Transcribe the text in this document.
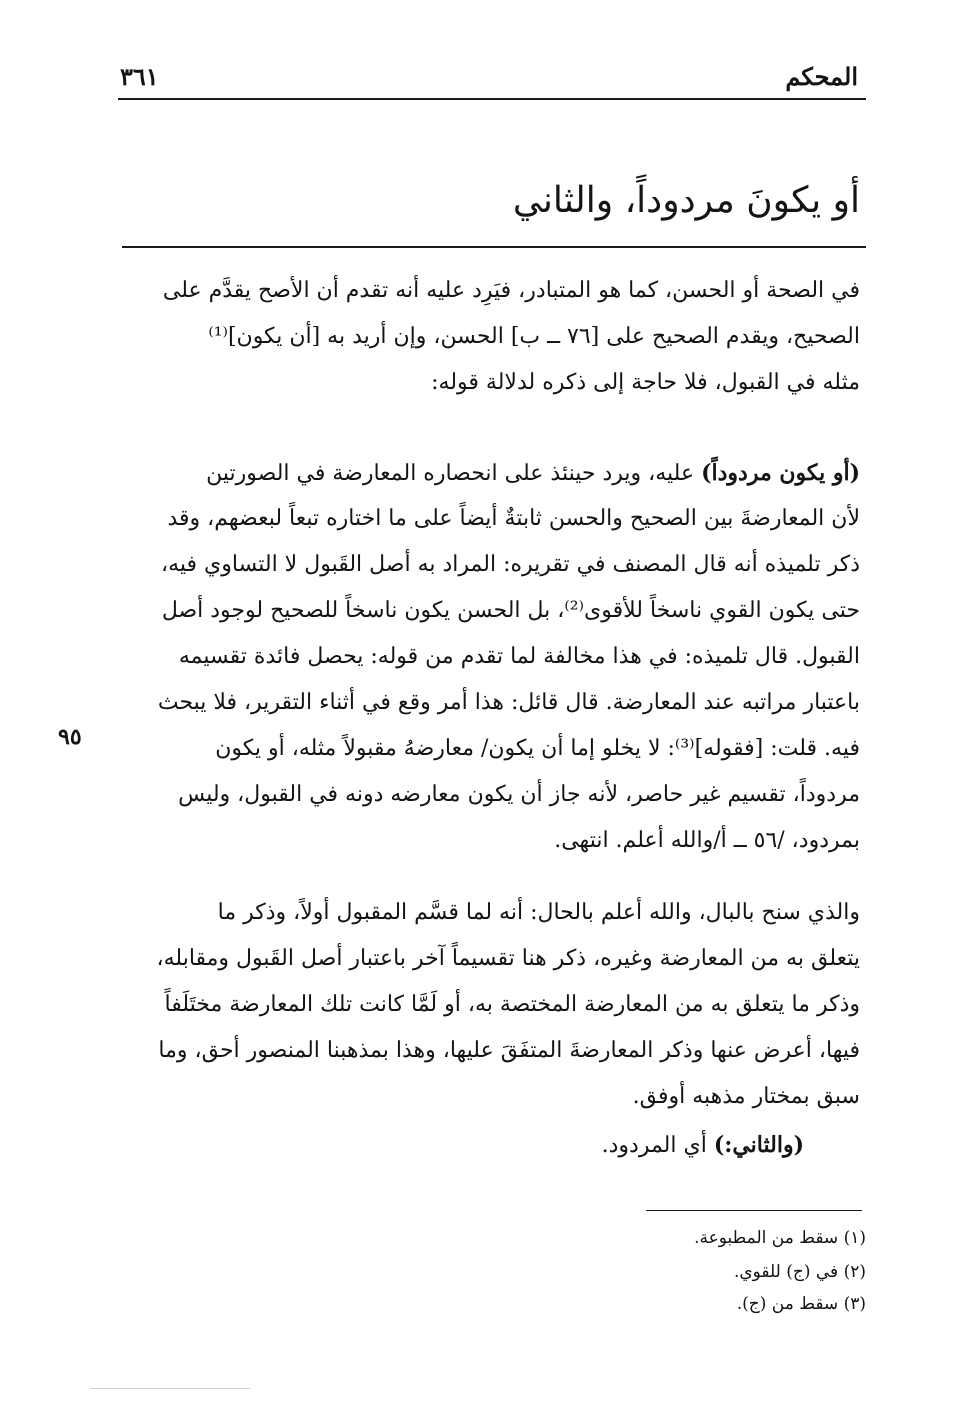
المحكم
٣٦١
أو يكونَ مردوداً، والثاني
في الصحة أو الحسن، كما هو المتبادر، فيَرِد عليه أنه تقدم أن الأصح يقدَّم على
الصحيح، ويقدم الصحيح على [٧٦ ــ ب] الحسن، وإن أريد به [أن يكون]⁽¹⁾
مثله في القبول، فلا حاجة إلى ذكره لدلالة قوله:
(أو يكون مردوداً) عليه، ويرد حينئذ على انحصاره المعارضة في الصورتين
لأن المعارضةَ بين الصحيح والحسن ثابتةٌ أيضاً على ما اختاره تبعاً لبعضهم، وقد
ذكر تلميذه أنه قال المصنف في تقريره: المراد به أصل القَبول لا التساوي فيه،
حتى يكون القوي ناسخاً للأقوى⁽²⁾، بل الحسن يكون ناسخاً للصحيح لوجود أصل
القبول. قال تلميذه: في هذا مخالفة لما تقدم من قوله: يحصل فائدة تقسيمه
باعتبار مراتبه عند المعارضة. قال قائل: هذا أمر وقع في أثناء التقرير، فلا يبحث
فيه. قلت: [فقوله]⁽³⁾: لا يخلو إما أن يكون/ معارضهُ مقبولاً مثله، أو يكون
٩٥
مردوداً، تقسيم غير حاصر، لأنه جاز أن يكون معارضه دونه في القبول، وليس
بمردود، /٥٦ ــ أ/والله أعلم. انتهى.
والذي سنح بالبال، والله أعلم بالحال: أنه لما قسَّم المقبول أولاً، وذكر ما
يتعلق به من المعارضة وغيره، ذكر هنا تقسيماً آخر باعتبار أصل القَبول ومقابله،
وذكر ما يتعلق به من المعارضة المختصة به، أو لَمَّا كانت تلك المعارضة مختَلَفاً
فيها، أعرض عنها وذكر المعارضةَ المتفَقَ عليها، وهذا بمذهبنا المنصور أحق، وما
سبق بمختار مذهبه أوفق.
(والثاني:) أي المردود.
(١) سقط من المطبوعة.
(٢) في (ج) للقوي.
(٣) سقط من (ج).
